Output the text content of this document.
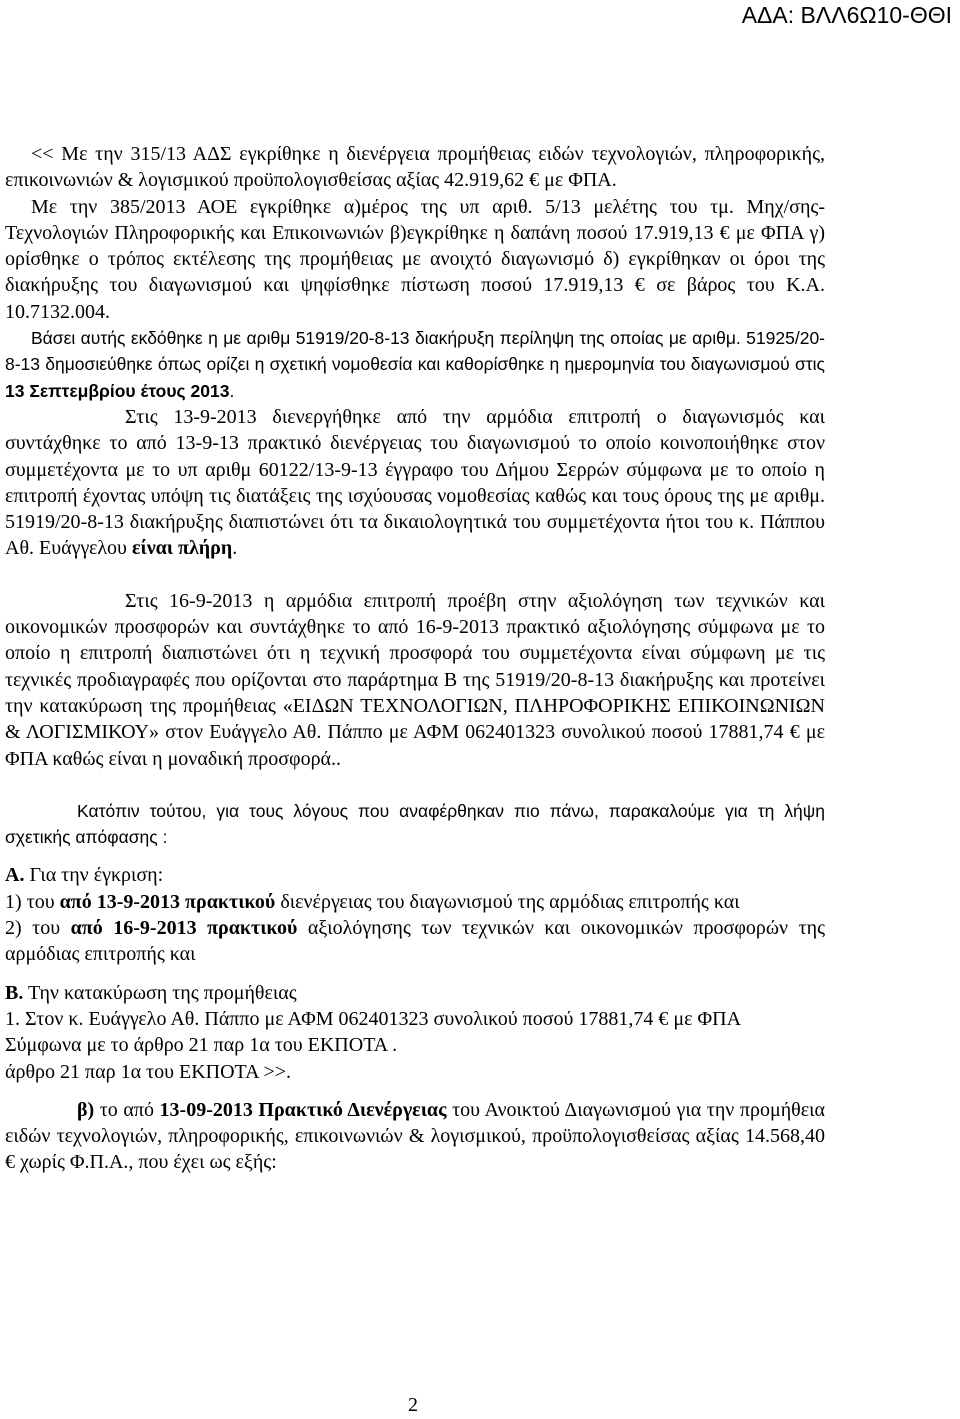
ΑΔΑ: ΒΛΛ6Ω10-ΘΘΙ

<< Με την 315/13 ΑΔΣ εγκρίθηκε η διενέργεια προμήθειας ειδών τεχνολογιών, πληροφορικής, επικοινωνιών & λογισμικού προϋπολογισθείσας αξίας 42.919,62 € με ΦΠΑ.

Με την 385/2013 ΑΟΕ εγκρίθηκε α)μέρος της υπ αριθ. 5/13 μελέτης του τμ. Μηχ/σης-Τεχνολογιών Πληροφορικής και Επικοινωνιών β)εγκρίθηκε η δαπάνη ποσού 17.919,13 € με ΦΠΑ γ) ορίσθηκε ο τρόπος εκτέλεσης της προμήθειας με ανοιχτό διαγωνισμό δ) εγκρίθηκαν οι όροι της διακήρυξης του διαγωνισμού και ψηφίσθηκε πίστωση ποσού 17.919,13 € σε βάρος του Κ.Α. 10.7132.004.

Βάσει αυτής εκδόθηκε η με αριθμ 51919/20-8-13 διακήρυξη περίληψη της οποίας με αριθμ. 51925/20-8-13 δημοσιεύθηκε όπως ορίζει η σχετική νομοθεσία και καθορίσθηκε η ημερομηνία του διαγωνισμού στις 13 Σεπτεμβρίου έτους 2013.

Στις 13-9-2013 διενεργήθηκε από την αρμόδια επιτροπή ο διαγωνισμός και συντάχθηκε το από 13-9-13 πρακτικό διενέργειας του διαγωνισμού το οποίο κοινοποιήθηκε στον συμμετέχοντα με το υπ αριθμ 60122/13-9-13 έγγραφο του Δήμου Σερρών σύμφωνα με το οποίο η επιτροπή έχοντας υπόψη τις διατάξεις της ισχύουσας νομοθεσίας καθώς και τους όρους της με αριθμ. 51919/20-8-13 διακήρυξης διαπιστώνει ότι τα δικαιολογητικά του συμμετέχοντα ήτοι του κ. Πάππου Αθ. Ευάγγελου είναι πλήρη.

Στις 16-9-2013 η αρμόδια επιτροπή προέβη στην αξιολόγηση των τεχνικών και οικονομικών προσφορών και συντάχθηκε το από 16-9-2013 πρακτικό αξιολόγησης σύμφωνα με το οποίο η επιτροπή διαπιστώνει ότι η τεχνική προσφορά του συμμετέχοντα είναι σύμφωνη με τις τεχνικές προδιαγραφές που ορίζονται στο παράρτημα Β της 51919/20-8-13 διακήρυξης και προτείνει την κατακύρωση της προμήθειας «ΕΙΔΩΝ ΤΕΧΝΟΛΟΓΙΩΝ, ΠΛΗΡΟΦΟΡΙΚΗΣ ΕΠΙΚΟΙΝΩΝΙΩΝ & ΛΟΓΙΣΜΙΚΟΥ» στον Ευάγγελο Αθ. Πάππο με ΑΦΜ 062401323 συνολικού ποσού 17881,74 € με ΦΠΑ καθώς είναι η μοναδική προσφορά..

Κατόπιν τούτου, για τους λόγους που αναφέρθηκαν πιο πάνω, παρακαλούμε για τη λήψη σχετικής απόφασης :

Α. Για την έγκριση:

1) του από 13-9-2013 πρακτικού διενέργειας του διαγωνισμού της αρμόδιας επιτροπής και

2) του από 16-9-2013 πρακτικού αξιολόγησης των τεχνικών και οικονομικών προσφορών της αρμόδιας επιτροπής και

Β. Την κατακύρωση της προμήθειας

1. Στον κ. Ευάγγελο Αθ. Πάππο με ΑΦΜ 062401323 συνολικού ποσού 17881,74 € με ΦΠΑ

Σύμφωνα με το άρθρο 21 παρ 1α του ΕΚΠΟΤΑ .

άρθρο 21 παρ 1α του ΕΚΠΟΤΑ >>.

β) το από 13-09-2013 Πρακτικό Διενέργειας του Ανοικτού Διαγωνισμού για την προμήθεια ειδών τεχνολογιών, πληροφορικής, επικοινωνιών & λογισμικού, προϋπολογισθείσας αξίας 14.568,40 € χωρίς Φ.Π.Α., που έχει ως εξής:

2
